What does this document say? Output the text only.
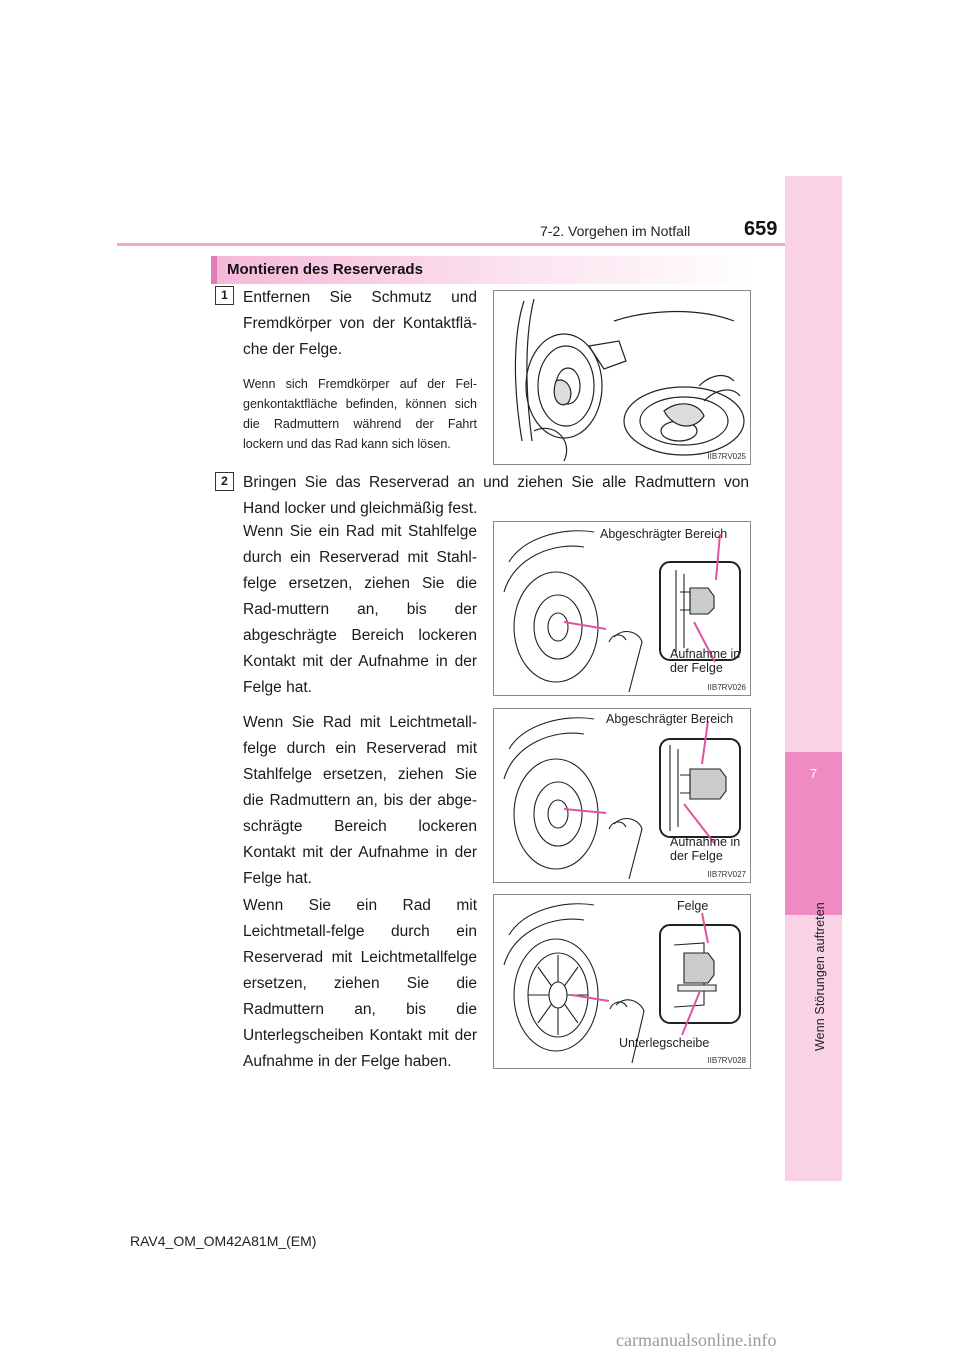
7-2. Vorgehen im Notfall	659
7
Wenn Störungen auftreten
Montieren des Reserverads
1 Entfernen Sie Schmutz und Fremdkörper von der Kontaktflä-che der Felge.
Wenn sich Fremdkörper auf der Fel-genkontaktfläche befinden, können sich die Radmuttern während der Fahrt lockern und das Rad kann sich lösen.
IIB7RV025
2 Bringen Sie das Reserverad an und ziehen Sie alle Radmuttern von Hand locker und gleichmäßig fest.
Wenn Sie ein Rad mit Stahlfelge durch ein Reserverad mit Stahl-felge ersetzen, ziehen Sie die Rad-muttern an, bis der abgeschrägte Bereich lockeren Kontakt mit der Aufnahme in der Felge hat.
Abgeschrägter Bereich
Aufnahme in
der Felge
IIB7RV026
Wenn Sie Rad mit Leichtmetall-felge durch ein Reserverad mit Stahlfelge ersetzen, ziehen Sie die Radmuttern an, bis der abge-schrägte Bereich lockeren Kontakt mit der Aufnahme in der Felge hat.
Abgeschrägter Bereich
Aufnahme in
der Felge
IIB7RV027
Wenn Sie ein Rad mit Leichtmetall-felge durch ein Reserverad mit Leichtmetallfelge ersetzen, ziehen Sie die Radmuttern an, bis die Unterlegscheiben Kontakt mit der Aufnahme in der Felge haben.
Felge
Unterlegscheibe
IIB7RV028
RAV4_OM_OM42A81M_(EM)
carmanualsonline.info
